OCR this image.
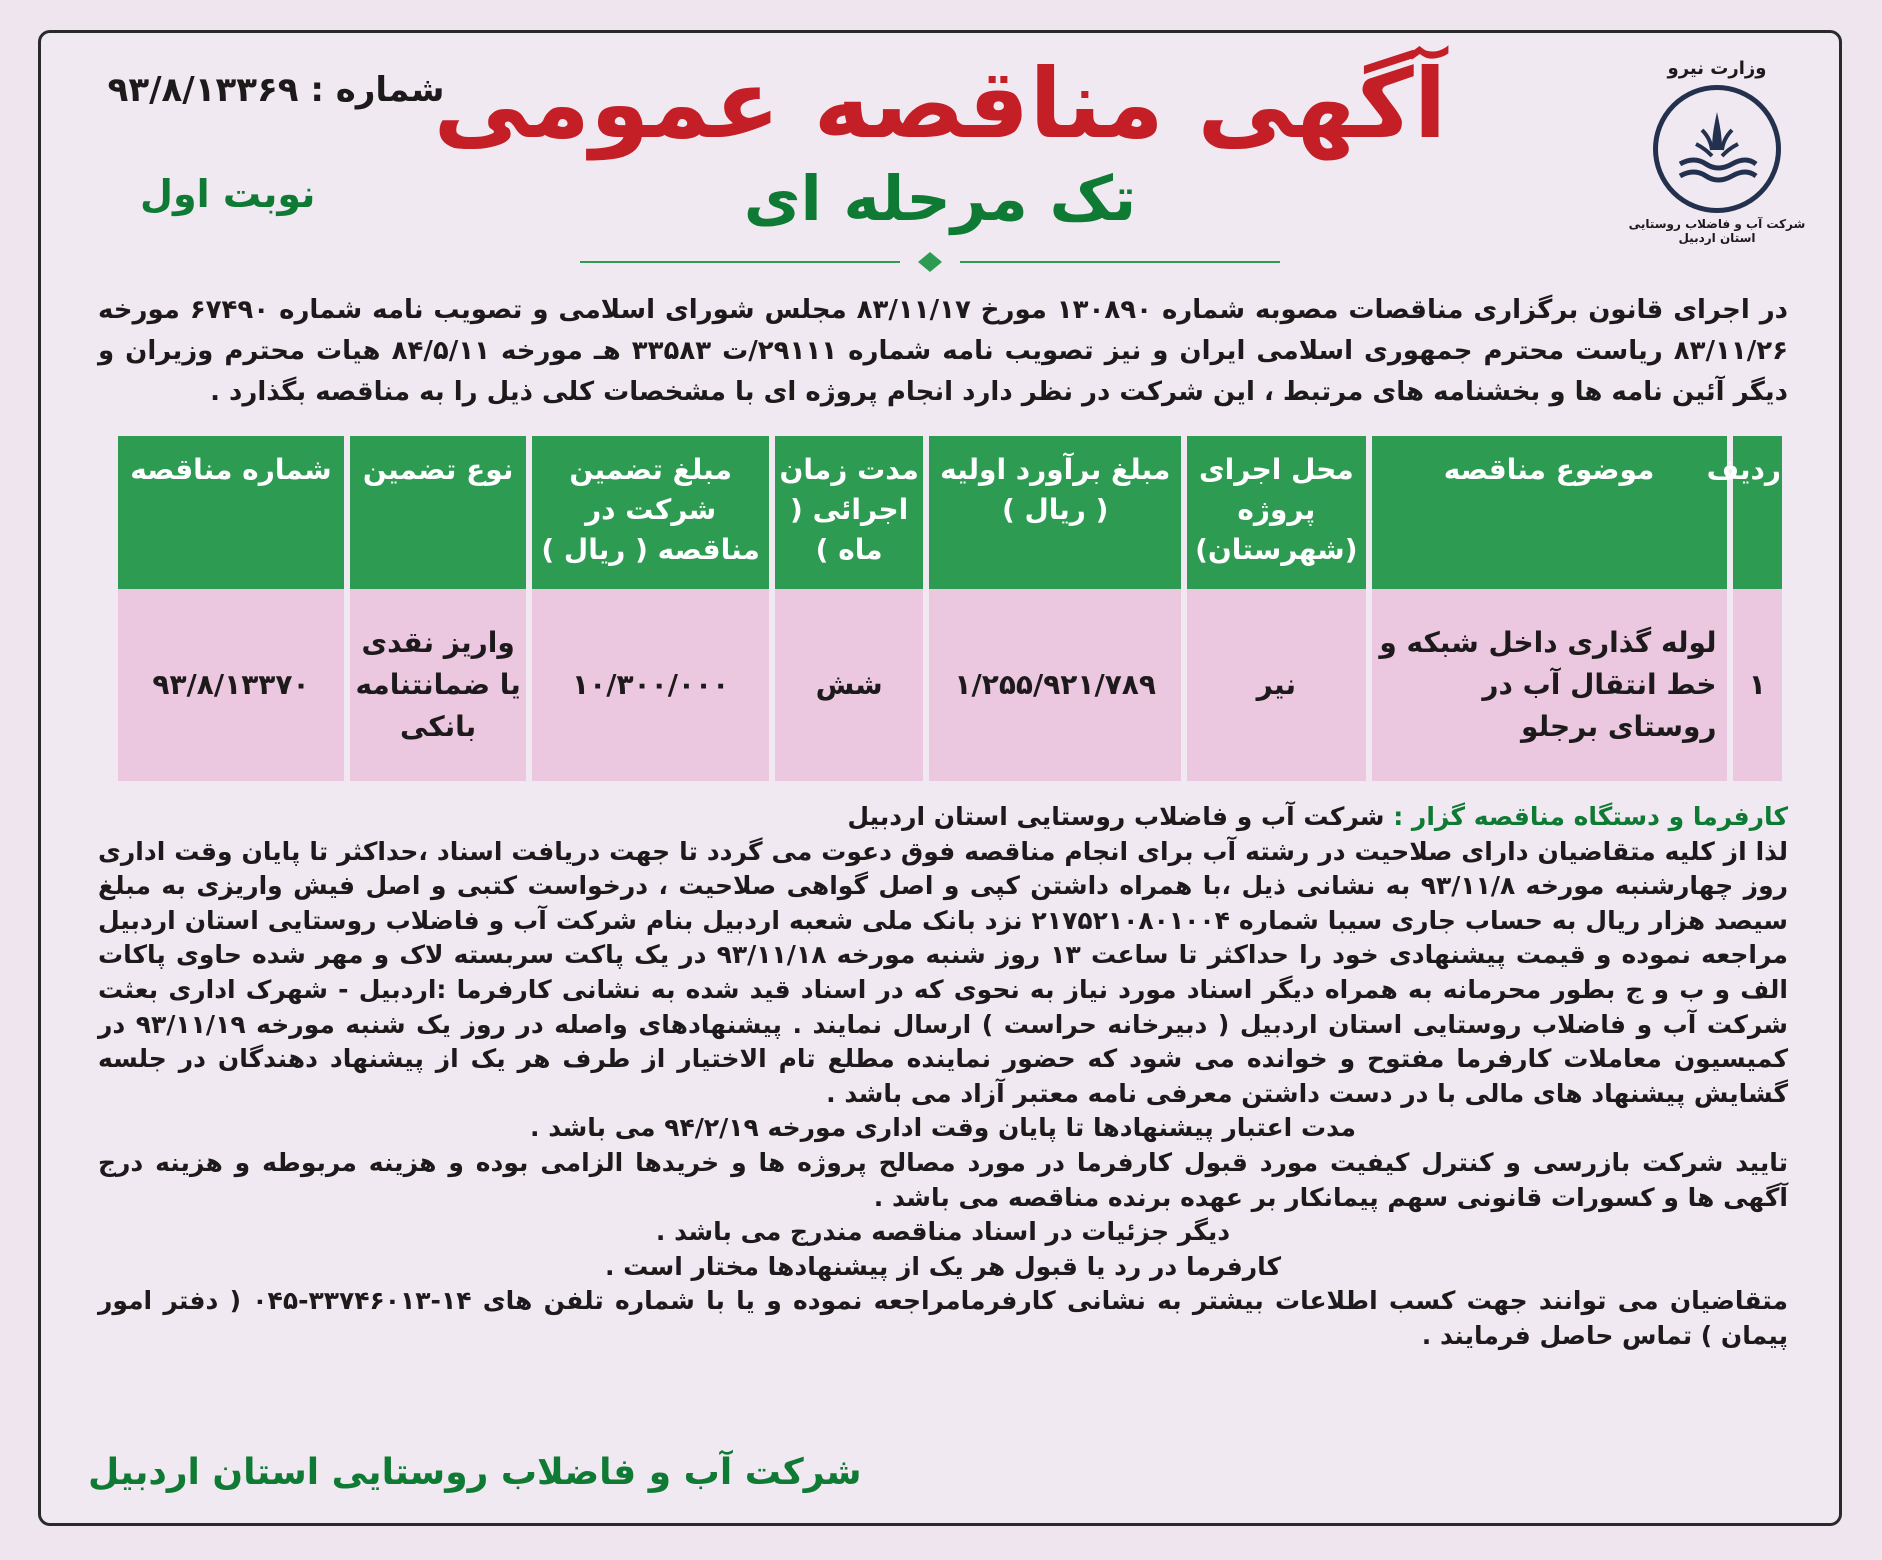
وزارت نیرو
شرکت آب و فاضلاب روستایی استان اردبیل
شماره : ۹۳/۸/۱۳۳۶۹
نوبت اول
آگهی مناقصه عمومی
تک مرحله ای
در اجرای قانون برگزاری مناقصات مصوبه شماره ۱۳۰۸۹۰ مورخ ۸۳/۱۱/۱۷ مجلس شورای اسلامی و تصویب نامه شماره ۶۷۴۹۰ مورخه ۸۳/۱۱/۲۶ ریاست محترم جمهوری اسلامی ایران و نیز تصویب نامه شماره ۲۹۱۱۱/ت ۳۳۵۸۳ هـ مورخه ۸۴/۵/۱۱ هیات محترم وزیران و دیگر آئین نامه ها و بخشنامه های مرتبط ، این شرکت در نظر دارد انجام پروژه ای با مشخصات کلی ذیل را به مناقصه بگذارد .
ردیف	موضوع مناقصه	محل اجرای پروژه (شهرستان)	مبلغ برآورد اولیه ( ریال )	مدت زمان اجرائی ( ماه )	مبلغ تضمین شرکت در مناقصه ( ریال )	نوع تضمین	شماره مناقصه
۱	لوله گذاری داخل شبکه و خط انتقال آب در روستای برجلو	نیر	۱/۲۵۵/۹۲۱/۷۸۹	شش	۱۰/۳۰۰/۰۰۰	واریز نقدی یا ضمانتنامه بانکی	۹۳/۸/۱۳۳۷۰

کارفرما و دستگاه مناقصه گزار : شرکت آب و فاضلاب روستایی استان اردبیل

لذا از کلیه متقاضیان دارای صلاحیت در رشته آب برای انجام مناقصه فوق دعوت می گردد تا جهت دریافت اسناد ،حداکثر تا پایان وقت اداری روز چهارشنبه مورخه ۹۳/۱۱/۸ به نشانی ذیل ،با همراه داشتن کپی و اصل گواهی صلاحیت ، درخواست کتبی و اصل فیش واریزی به مبلغ سیصد هزار ریال به حساب جاری سیبا شماره ۲۱۷۵۲۱۰۸۰۱۰۰۴ نزد بانک ملی شعبه اردبیل بنام شرکت آب و فاضلاب روستایی استان اردبیل مراجعه نموده و قیمت پیشنهادی خود را حداکثر تا ساعت ۱۳ روز شنبه مورخه ۹۳/۱۱/۱۸ در یک پاکت سربسته لاک و مهر شده حاوی پاکات الف و ب و ج بطور محرمانه به همراه دیگر اسناد مورد نیاز به نحوی که در اسناد قید شده به نشانی کارفرما :اردبیل - شهرک اداری بعثت شرکت آب و فاضلاب روستایی استان اردبیل ( دبیرخانه حراست ) ارسال نمایند . پیشنهادهای واصله در روز یک شنبه مورخه ۹۳/۱۱/۱۹ در کمیسیون معاملات کارفرما مفتوح و خوانده می شود که حضور نماینده مطلع تام الاختیار از طرف هر یک از پیشنهاد دهندگان در جلسه گشایش پیشنهاد های مالی با در دست داشتن معرفی نامه معتبر آزاد می باشد .

مدت اعتبار پیشنهادها تا پایان وقت اداری مورخه ۹۴/۲/۱۹ می باشد .

تایید شرکت بازرسی و کنترل کیفیت مورد قبول کارفرما در مورد مصالح پروژه ها و خریدها الزامی بوده و هزینه مربوطه و هزینه درج آگهی ها و کسورات قانونی سهم پیمانکار بر عهده برنده مناقصه می باشد .

دیگر جزئیات در اسناد مناقصه مندرج می باشد .

کارفرما در رد یا قبول هر یک از پیشنهادها مختار است .

متقاضیان می توانند جهت کسب اطلاعات بیشتر به نشانی کارفرمامراجعه نموده و یا با شماره تلفن های ۱۴-۳۳۷۴۶۰۱۳-۰۴۵ ( دفتر امور پیمان ) تماس حاصل فرمایند .

شرکت آب و فاضلاب روستایی استان اردبیل
